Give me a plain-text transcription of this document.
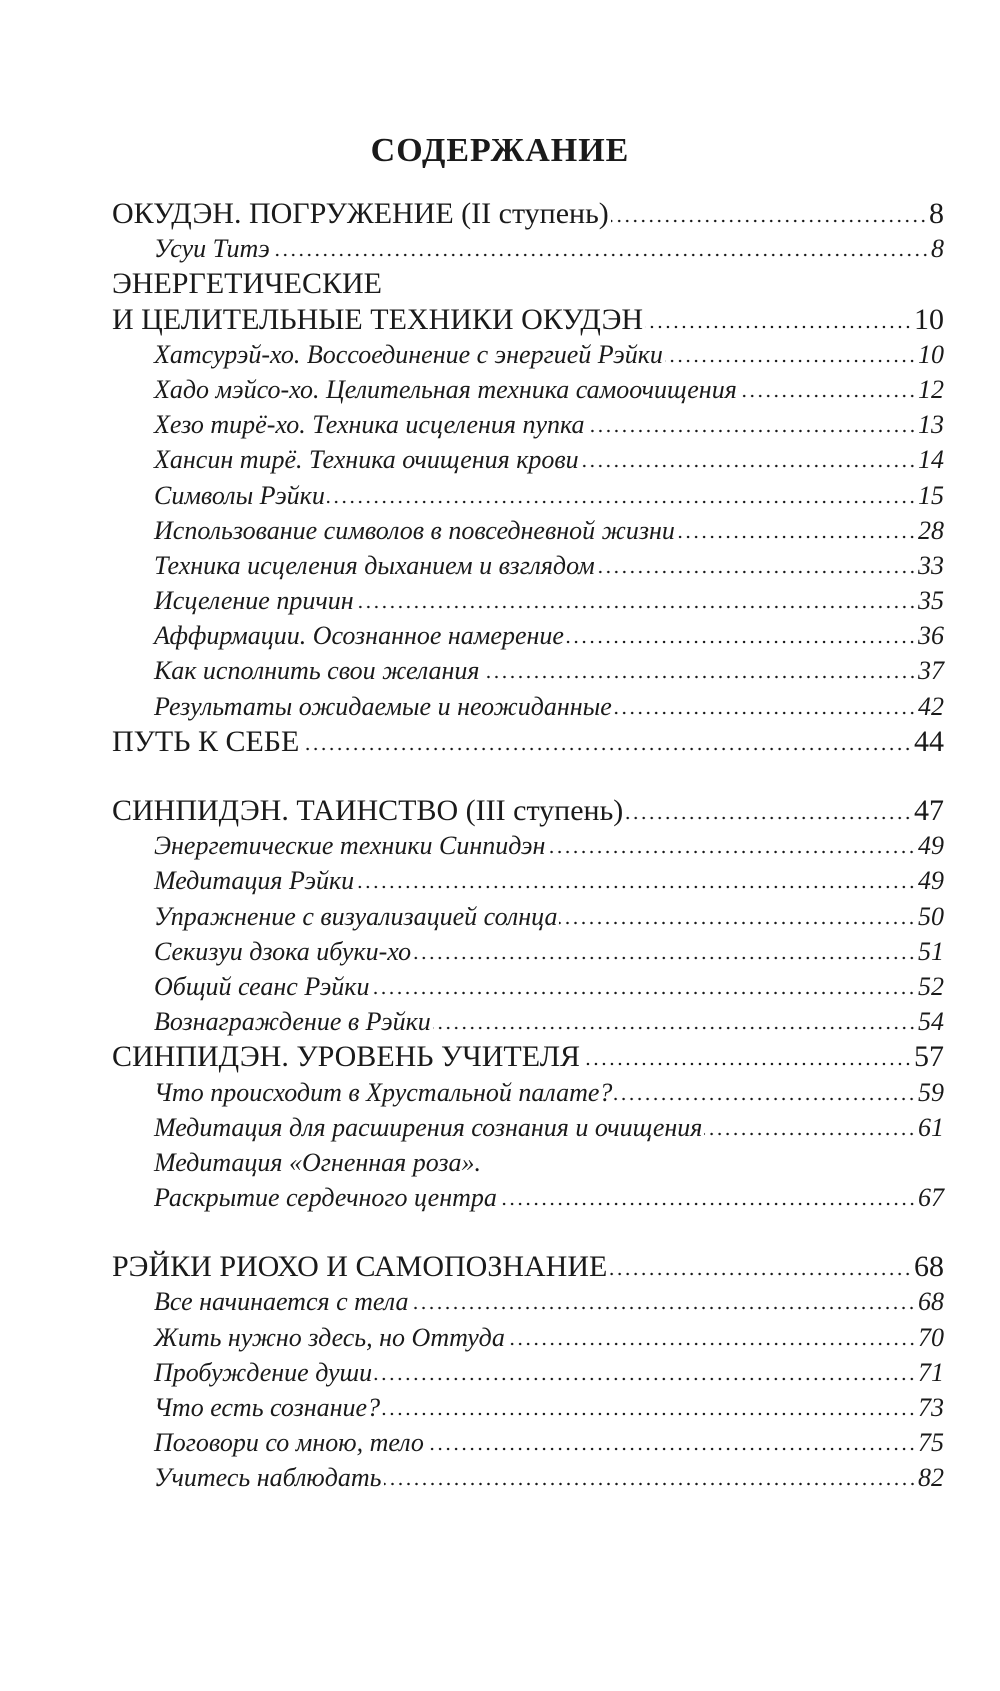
СОДЕРЖАНИЕ
ОКУДЭН. ПОГРУЖЕНИЕ (II ступень)	8
Усуи Титэ	8
ЭНЕРГЕТИЧЕСКИЕ
И ЦЕЛИТЕЛЬНЫЕ ТЕХНИКИ ОКУДЭН	10
Хатсурэй-хо. Воссоединение с энергией Рэйки	10
Хадо мэйсо-хо. Целительная техника самоочищения	12
Хезо тирё-хо. Техника исцеления пупка	13
Хансин тирё. Техника очищения крови	14
Символы Рэйки	15
Использование символов в повседневной жизни	28
Техника исцеления дыханием и взглядом	33
Исцеление причин	35
Аффирмации. Осознанное намерение	36
Как исполнить свои желания	37
Результаты ожидаемые и неожиданные	42
ПУТЬ К СЕБЕ	44
СИНПИДЭН. ТАИНСТВО (III ступень)	47
Энергетические техники Синпидэн	49
Медитация Рэйки	49
Упражнение с визуализацией солнца	50
Секизуи дзока ибуки-хо	51
Общий сеанс Рэйки	52
Вознаграждение в Рэйки	54
СИНПИДЭН. УРОВЕНЬ УЧИТЕЛЯ	57
Что происходит в Хрустальной палате?	59
Медитация для расширения сознания и очищения	61
Медитация «Огненная роза».
Раскрытие сердечного центра	67
РЭЙКИ РИОХО И САМОПОЗНАНИЕ	68
Все начинается с тела	68
Жить нужно здесь, но Оттуда	70
Пробуждение души	71
Что есть сознание?	73
Поговори со мною, тело	75
Учитесь наблюдать	82
